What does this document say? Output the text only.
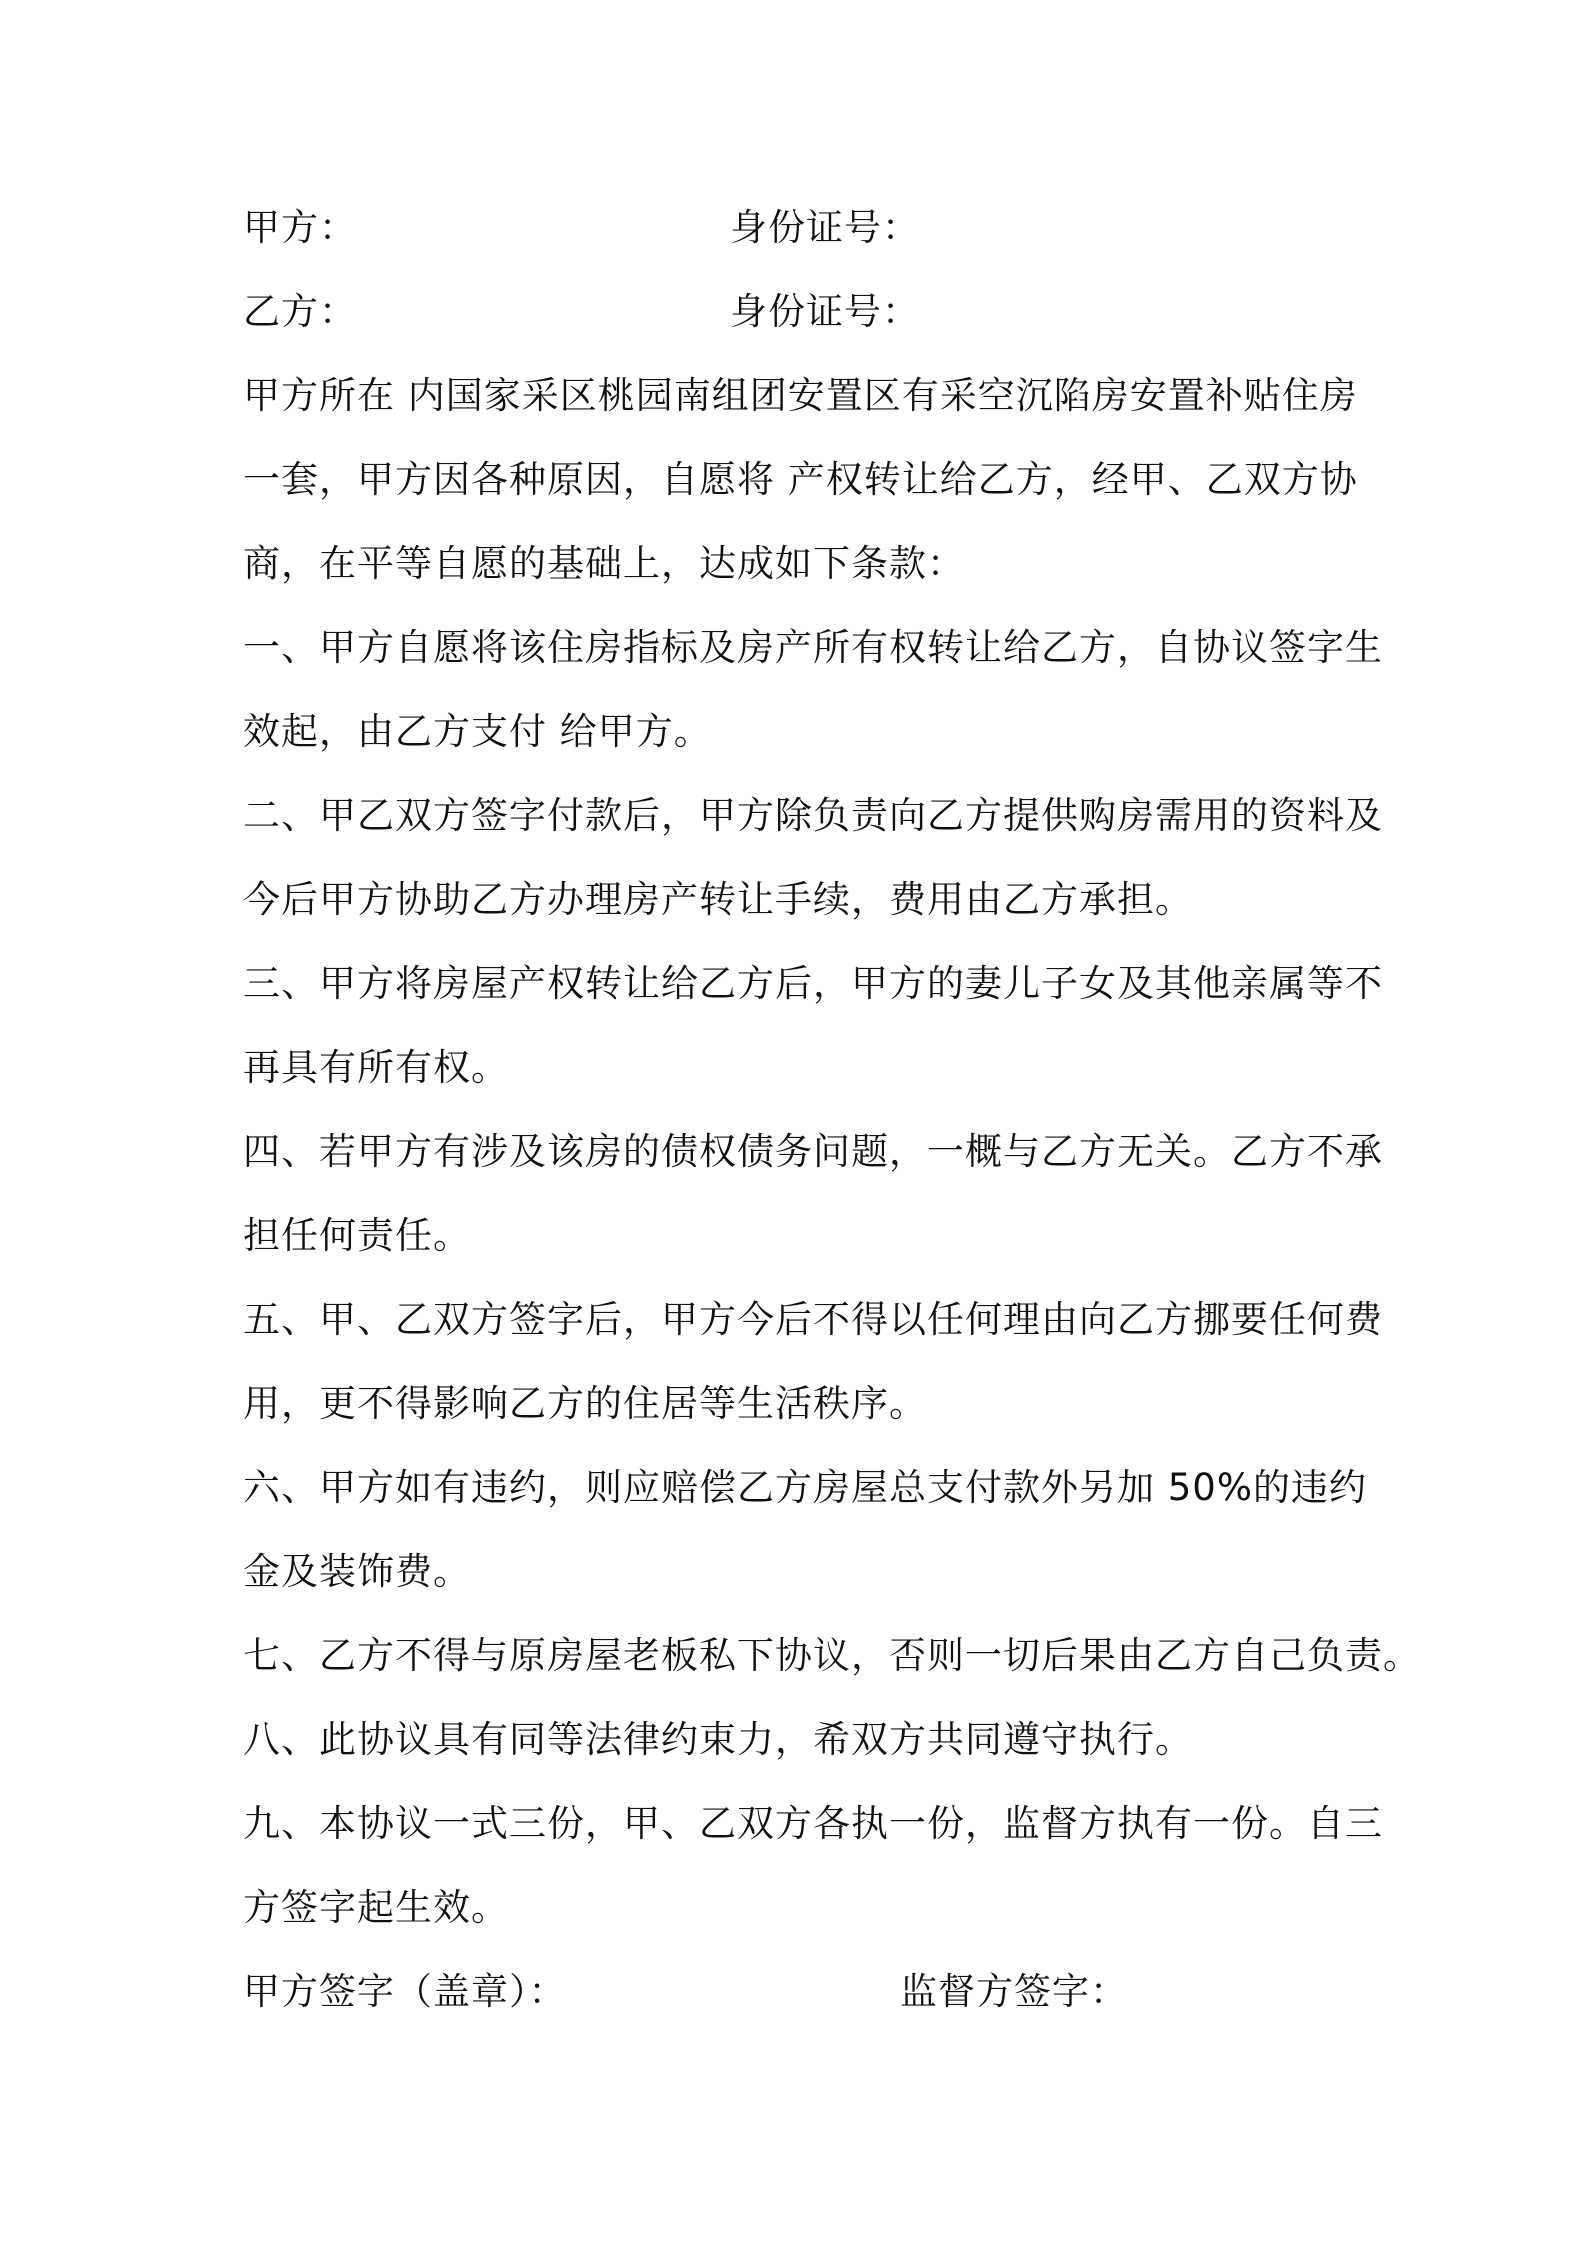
甲方：	身份证号：
乙方：	身份证号：
甲方所在 内国家采区桃园南组团安置区有采空沉陷房安置补贴住房
一套，甲方因各种原因，自愿将 产权转让给乙方，经甲、乙双方协
商，在平等自愿的基础上，达成如下条款：
一、甲方自愿将该住房指标及房产所有权转让给乙方，自协议签字生
效起，由乙方支付 给甲方。
二、甲乙双方签字付款后，甲方除负责向乙方提供购房需用的资料及
今后甲方协助乙方办理房产转让手续，费用由乙方承担。
三、甲方将房屋产权转让给乙方后，甲方的妻儿子女及其他亲属等不
再具有所有权。
四、若甲方有涉及该房的债权债务问题，一概与乙方无关。乙方不承
担任何责任。
五、甲、乙双方签字后，甲方今后不得以任何理由向乙方挪要任何费
用，更不得影响乙方的住居等生活秩序。
六、甲方如有违约，则应赔偿乙方房屋总支付款外另加 50%的违约
金及装饰费。
七、乙方不得与原房屋老板私下协议，否则一切后果由乙方自己负责。
八、此协议具有同等法律约束力，希双方共同遵守执行。
九、本协议一式三份，甲、乙双方各执一份，监督方执有一份。自三
方签字起生效。
甲方签字（盖章）：	监督方签字：
